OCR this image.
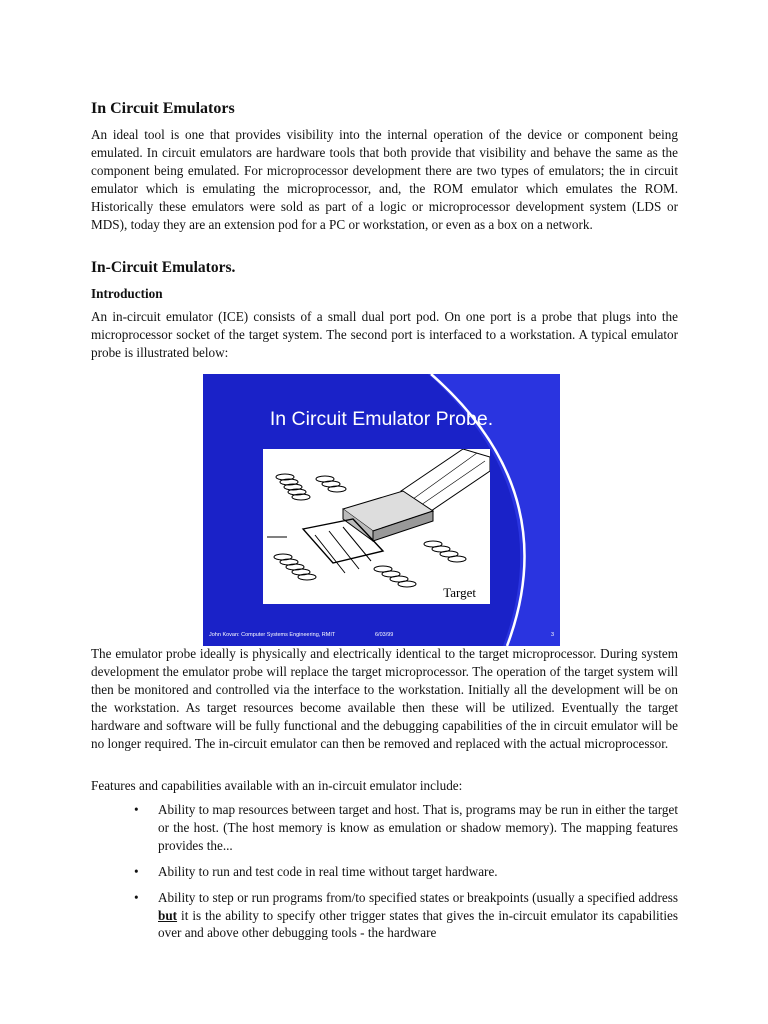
In Circuit Emulators

An ideal tool is one that provides visibility into the internal operation of the device or component being emulated. In circuit emulators are hardware tools that both provide that visibility and behave the same as the component being emulated. For microprocessor development there are two types of emulators; the in circuit emulator which is emulating the microprocessor, and, the ROM emulator which emulates the ROM. Historically these emulators were sold as part of a logic or microprocessor development system (LDS or MDS), today they are an extension pod for a PC or workstation, or even as a box on a network.

In-Circuit Emulators.
Introduction

An in-circuit emulator (ICE) consists of a small dual port pod. On one port is a probe that plugs into the microprocessor socket of the target system. The second port is interfaced to a workstation. A typical emulator probe is illustrated below:

The emulator probe ideally is physically and electrically identical to the target microprocessor. During system development the emulator probe will replace the target microprocessor. The operation of the target system will then be monitored and controlled via the interface to the workstation. Initially all the development will be on the workstation. As target resources become available then these will be utilized. Eventually the target hardware and software will be fully functional and the debugging capabilities of the in circuit emulator will be no longer required. The in-circuit emulator can then be removed and replaced with the actual microprocessor.

Features and capabilities available with an in-circuit emulator include:

In Circuit Emulator Probe.
Target
John Kovan: Computer Systems Engineering, RMIT	6/03/99	3
• Ability to map resources between target and host. That is, programs may be run in either the target or the host. (The host memory is know as emulation or shadow memory). The mapping features provides the...
• Ability to run and test code in real time without target hardware.
• Ability to step or run programs from/to specified states or breakpoints (usually a specified address but it is the ability to specify other trigger states that gives the in-circuit emulator its capabilities over and above other debugging tools - the hardware
